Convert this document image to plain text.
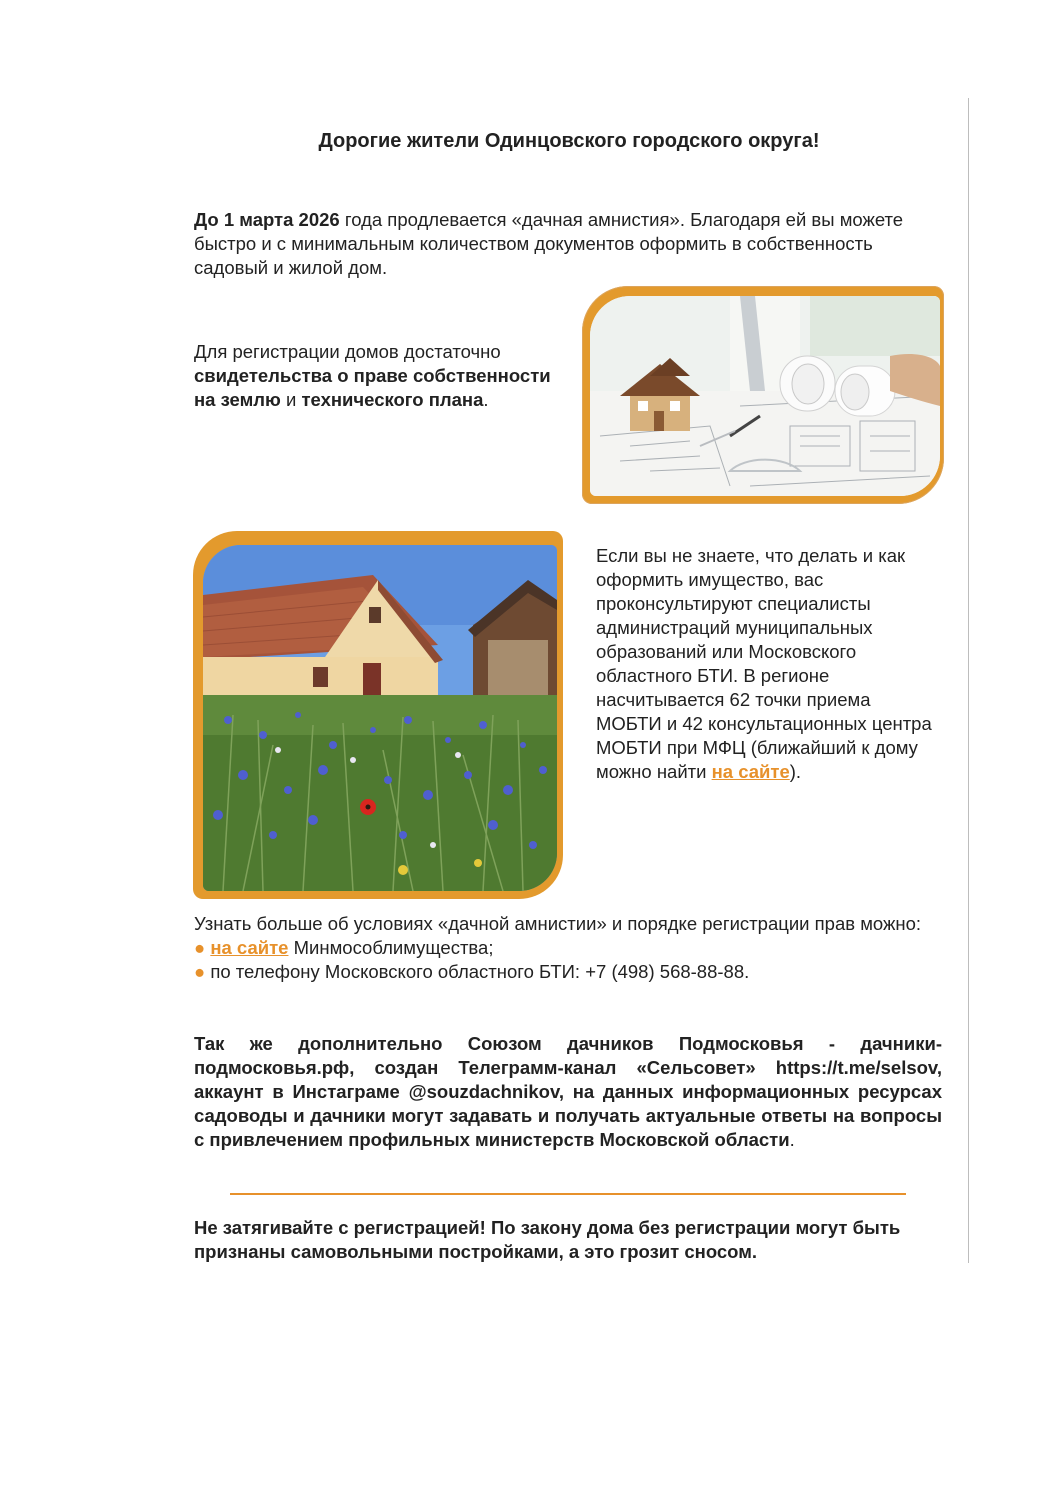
Дорогие жители Одинцовского городского округа!
До 1 марта 2026 года продлевается «дачная амнистия». Благодаря ей вы можете быстро и с минимальным количеством документов оформить в собственность садовый и жилой дом.
Для регистрации домов достаточно свидетельства о праве собственности на землю и технического плана.
Если вы не знаете, что делать и как оформить имущество, вас проконсультируют специалисты администраций муниципальных образований или Московского областного БТИ. В регионе насчитывается 62 точки приема МОБТИ и 42 консультационных центра МОБТИ при МФЦ (ближайший к дому можно найти на сайте).
Узнать больше об условиях «дачной амнистии» и порядке регистрации прав можно:
● на сайте Минмособлимущества;
● по телефону Московского областного БТИ: +7 (498) 568-88-88.
Так же дополнительно Союзом дачников Подмосковья - дачники-подмосковья.рф, создан Телеграмм-канал «Сельсовет» https://t.me/selsov, аккаунт в Инстаграме @souzdachnikov, на данных информационных ресурсах садоводы и дачники могут задавать и получать актуальные ответы на вопросы с привлечением профильных министерств Московской области.
Не затягивайте с регистрацией! По закону дома без регистрации могут быть признаны самовольными постройками, а это грозит сносом.
